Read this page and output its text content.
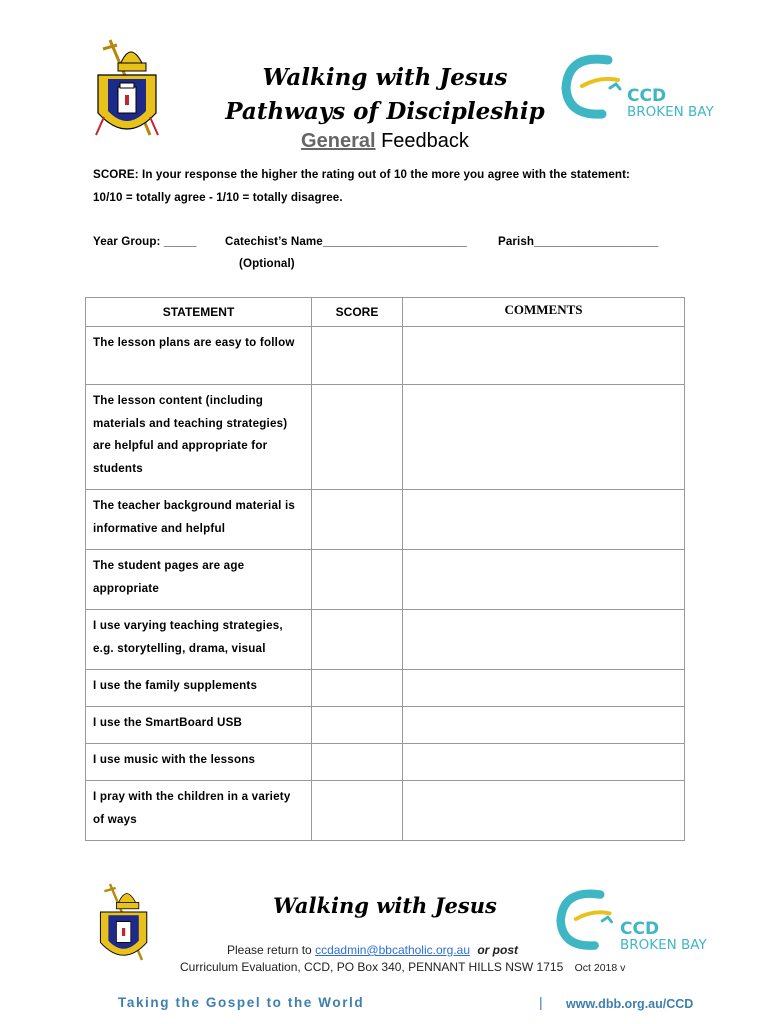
CCD
BROKEN BAY
Walking with Jesus
Pathways of Discipleship
General Feedback
SCORE: In your response the higher the rating out of 10 the more you agree with the statement:
10/10 = totally agree - 1/10 = totally disagree.
Year Group: _____ Catechist’s Name______________________	Parish___________________
(Optional)
STATEMENT	SCORE	COMMENTS
The lesson plans are easy to follow		
The lesson content (including materials and teaching strategies) are helpful and appropriate for students		
The teacher background material is informative and helpful		
The student pages are age appropriate		
I use varying teaching strategies, e.g. storytelling, drama, visual		
I use the family supplements		
I use the SmartBoard USB		
I use music with the lessons		
I pray with the children in a variety of ways		
CCD
BROKEN BAY
Walking with Jesus
Please return to ccdadmin@bbcatholic.org.au or post
Curriculum Evaluation, CCD, PO Box 340, PENNANT HILLS NSW 1715 Oct 2018 v
Taking the Gospel to the World	| www.dbb.org.au/CCD
